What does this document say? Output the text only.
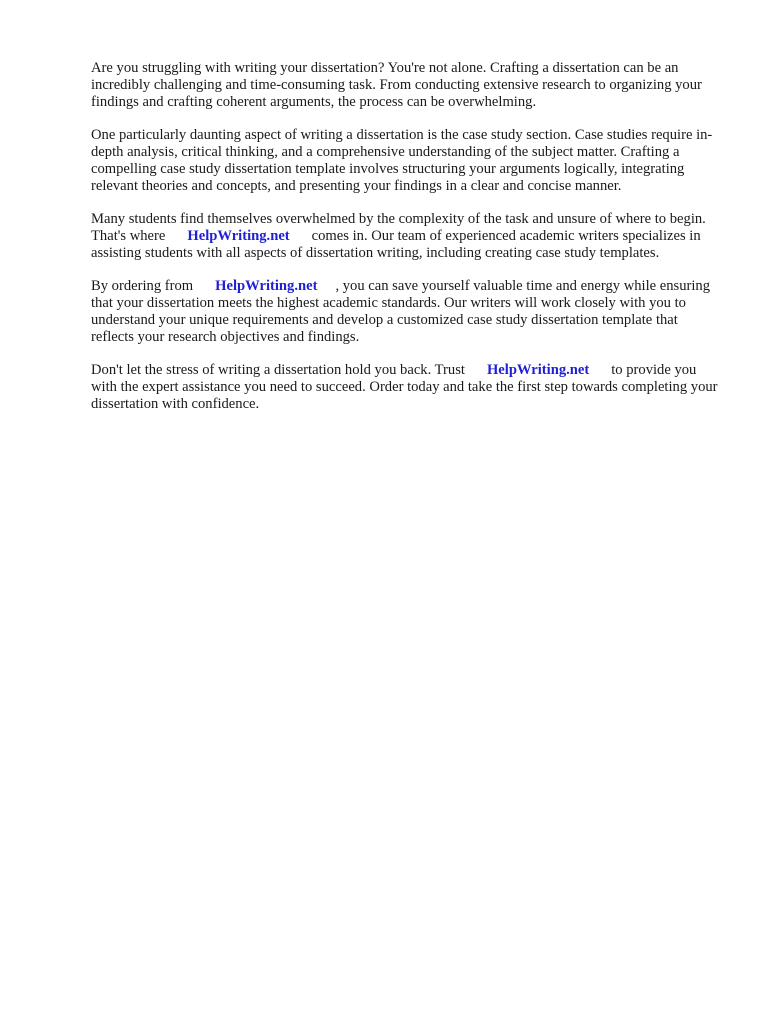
Are you struggling with writing your dissertation? You're not alone. Crafting a dissertation can be an incredibly challenging and time-consuming task. From conducting extensive research to organizing your findings and crafting coherent arguments, the process can be overwhelming.

One particularly daunting aspect of writing a dissertation is the case study section. Case studies require in-depth analysis, critical thinking, and a comprehensive understanding of the subject matter. Crafting a compelling case study dissertation template involves structuring your arguments logically, integrating relevant theories and concepts, and presenting your findings in a clear and concise manner.

Many students find themselves overwhelmed by the complexity of the task and unsure of where to begin. That's where HelpWriting.net comes in. Our team of experienced academic writers specializes in assisting students with all aspects of dissertation writing, including creating case study templates.

By ordering from HelpWriting.net , you can save yourself valuable time and energy while ensuring that your dissertation meets the highest academic standards. Our writers will work closely with you to understand your unique requirements and develop a customized case study dissertation template that reflects your research objectives and findings.

Don't let the stress of writing a dissertation hold you back. Trust HelpWriting.net to provide you with the expert assistance you need to succeed. Order today and take the first step towards completing your dissertation with confidence.
